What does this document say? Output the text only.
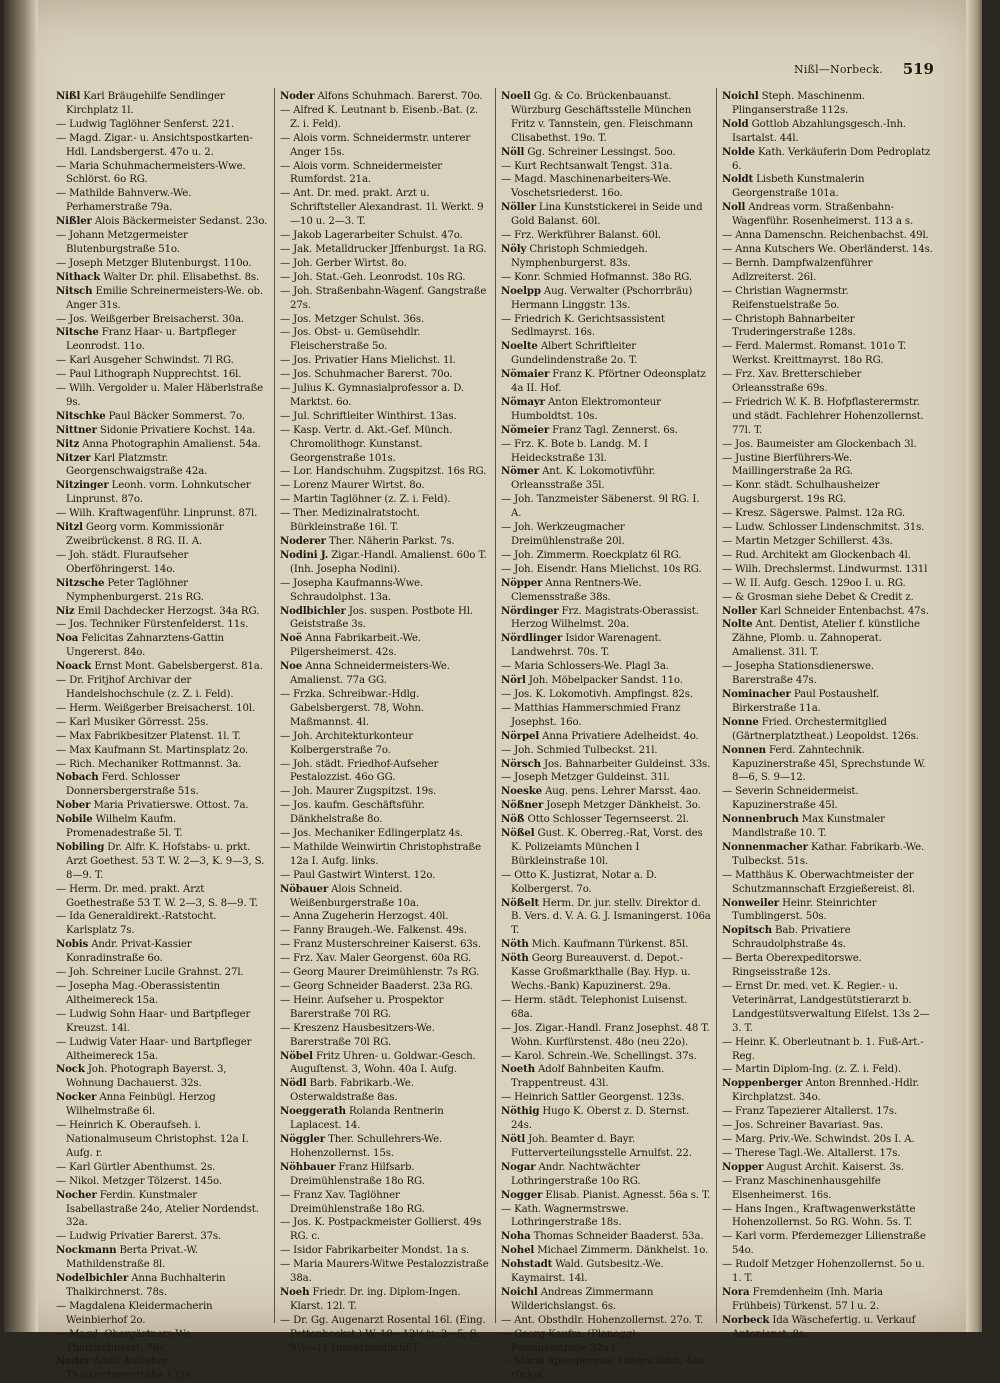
Nißl—Norbeck. 519

Nißl Karl Bräugehilfe Sendlinger Kirchplatz 1l.

— Ludwig Taglöhner Senferst. 221.

— Magd. Zigar.- u. Ansichtspostkarten-Hdl. Landsbergerst. 47o u. 2.

— Maria Schuhmachermeisters-Wwe. Schlörst. 6o RG.

— Mathilde Bahnverw.-We. Perhamerstraße 79a.

Nißler Alois Bäckermeister Sedanst. 23o.

— Johann Metzgermeister Blutenburgstraße 51o.

— Joseph Metzger Blutenburgst. 110o.

Nithack Walter Dr. phil. Elisabethst. 8s.

Nitsch Emilie Schreinermeisters-We. ob. Anger 31s.

— Jos. Weißgerber Breisacherst. 30a.

Nitsche Franz Haar- u. Bartpfleger Leonrodst. 11o.

— Karl Ausgeher Schwindst. 7l RG.

— Paul Lithograph Nupprechtst. 16l.

— Wilh. Vergolder u. Maler Häberlstraße 9s.

Nitschke Paul Bäcker Sommerst. 7o.

Nittner Sidonie Privatiere Kochst. 14a.

Nitz Anna Photographin Amalienst. 54a.

Nitzer Karl Platzmstr. Georgenschwaigstraße 42a.

Nitzinger Leonh. vorm. Lohnkutscher Linprunst. 87o.

— Wilh. Kraftwagenführ. Linprunst. 87l.

Nitzl Georg vorm. Kommissionär Zweibrückenst. 8 RG. II. A.

— Joh. städt. Fluraufseher Oberföhringerst. 14o.

Nitzsche Peter Taglöhner Nymphenburgerst. 21s RG.

Niz Emil Dachdecker Herzogst. 34a RG.

— Jos. Techniker Fürstenfelderst. 11s.

Noa Felicitas Zahnarztens-Gattin Ungererst. 84o.

Noack Ernst Mont. Gabelsbergerst. 81a.

— Dr. Fritjhof Archivar der Handelshochschule (z. Z. i. Feld).

— Herm. Weißgerber Breisacherst. 10l.

— Karl Musiker Görresst. 25s.

— Max Fabrikbesitzer Platenst. 1l. T.

— Max Kaufmann St. Martinsplatz 2o.

— Rich. Mechaniker Rottmannst. 3a.

Nobach Ferd. Schlosser Donnersbergerstraße 51s.

Nober Maria Privatierswe. Ottost. 7a.

Nobile Wilhelm Kaufm. Promenadestraße 5l. T.

Nobiling Dr. Alfr. K. Hofstabs- u. prkt. Arzt Goethest. 53 T. W. 2—3, K. 9—3, S. 8—9. T.

— Herm. Dr. med. prakt. Arzt Goethestraße 53 T. W. 2—3, S. 8—9. T.

— Ida Generaldirekt.-Ratstocht. Karlsplatz 7s.

Nobis Andr. Privat-Kassier Konradinstraße 6o.

— Joh. Schreiner Lucile Grahnst. 27l.

— Josepha Mag.-Oberassistentin Altheimereck 15a.

— Ludwig Sohn Haar- und Bartpfleger Kreuzst. 14l.

— Ludwig Vater Haar- und Bartpfleger Altheimereck 15a.

Nock Joh. Photograph Bayerst. 3, Wohnung Dachauerst. 32s.

Nocker Anna Feinbügl. Herzog Wilhelmstraße 6l.

— Heinrich K. Oberaufseh. i. Nationalmuseum Christophst. 12a I. Aufg. r.

— Karl Gürtler Abenthumst. 2s.

— Nikol. Metzger Tölzerst. 145o.

Nocher Ferdin. Kunstmaler Isabellastraße 24o, Atelier Nordendst. 32a.

— Ludwig Privatier Barerst. 37s.

Nockmann Berta Privat.-W. Mathildenstraße 8l.

Nodelbichler Anna Buchhalterin Thalkirchnerst. 78s.

— Magdalena Kleidermacherin Weinbierhof 2o.

— Magd. Obergärtners-We. Thalkirchnerst. 78s.

Noder Adolf Aufseher Thalkirchnerstraße 133s.

Noder Alfons Schuhmach. Barerst. 70o.

— Alfred K. Leutnant b. Eisenb.-Bat. (z. Z. i. Feld).

— Alois vorm. Schneidermstr. unterer Anger 15s.

— Alois vorm. Schneidermeister Rumfordst. 21a.

— Ant. Dr. med. prakt. Arzt u. Schriftsteller Alexandrast. 1l. Werkt. 9—10 u. 2—3. T.

— Jakob Lagerarbeiter Schulst. 47o.

— Jak. Metalldrucker Jffenburgst. 1a RG.

— Joh. Gerber Wirtst. 8o.

— Joh. Stat.-Geh. Leonrodst. 10s RG.

— Joh. Straßenbahn-Wagenf. Gangstraße 27s.

— Jos. Metzger Schulst. 36s.

— Jos. Obst- u. Gemüsehdlr. Fleischerstraße 5o.

— Jos. Privatier Hans Mielichst. 1l.

— Jos. Schuhmacher Barerst. 70o.

— Julius K. Gymnasialprofessor a. D. Marktst. 6o.

— Jul. Schriftleiter Winthirst. 13as.

— Kasp. Vertr. d. Akt.-Gef. Münch. Chromolithogr. Kunstanst. Georgenstraße 101s.

— Lor. Handschuhm. Zugspitzst. 16s RG.

— Lorenz Maurer Wirtst. 8o.

— Martin Taglöhner (z. Z. i. Feld).

— Ther. Medizinalratstocht. Bürkleinstraße 16l. T.

Noderer Ther. Näherin Parkst. 7s.

Nodini J. Zigar.-Handl. Amalienst. 60o T. (Inh. Josepha Nodini).

— Josepha Kaufmanns-Wwe. Schraudolphst. 13a.

Nodlbichler Jos. suspen. Postbote Hl. Geiststraße 3s.

Noë Anna Fabrikarbeit.-We. Pilgersheimerst. 42s.

Noe Anna Schneidermeisters-We. Amalienst. 77a GG.

— Frzka. Schreibwar.-Hdlg. Gabelsbergerst. 78, Wohn. Maßmannst. 4l.

— Joh. Architekturkonteur Kolbergerstraße 7o.

— Joh. städt. Friedhof-Aufseher Pestalozzist. 46o GG.

— Joh. Maurer Zugspitzst. 19s.

— Jos. kaufm. Geschäftsführ. Dänkhelstraße 8o.

— Jos. Mechaniker Edlingerplatz 4s.

— Mathilde Weinwirtin Christophstraße 12a I. Aufg. links.

— Paul Gastwirt Winterst. 12o.

Nöbauer Alois Schneid. Weißenburgerstraße 10a.

— Anna Zugeherin Herzogst. 40l.

— Fanny Braugeh.-We. Falkenst. 49s.

— Franz Musterschreiner Kaiserst. 63s.

— Frz. Xav. Maler Georgenst. 60a RG.

— Georg Maurer Dreimühlenstr. 7s RG.

— Georg Schneider Baaderst. 23a RG.

— Heinr. Aufseher u. Prospektor Barerstraße 70l RG.

— Kreszenz Hausbesitzers-We. Barerstraße 70l RG.

Nöbel Fritz Uhren- u. Goldwar.-Gesch. Auguſtenst. 3, Wohn. 40a I. Aufg.

Nödl Barb. Fabrikarb.-We. Osterwaldstraße 8as.

Noeggerath Rolanda Rentnerin Laplacest. 14.

Nöggler Ther. Schullehrers-We. Hohenzollernst. 15s.

Nöhbauer Franz Hilfsarb. Dreimühlenstraße 18o RG.

— Franz Xav. Taglöhner Dreimühlenstraße 18o RG.

— Jos. K. Postpackmeister Gollierst. 49s RG. c.

— Isidor Fabrikarbeiter Mondst. 1a s.

— Maria Maurers-Witwe Pestalozzistraße 38a.

Noeh Friedr. Dr. ing. Diplom-Ingen. Klarst. 12l. T.

— Dr. Gg. Augenarzt Rosental 16l. (Eing. Pettenbeckst.) W. 10—12½/u. 2—5, S. 9½—11 (unverbindlich) T.

Noell Gg. & Co. Brückenbauanst. Würzburg Geschäftsstelle München Fritz v. Tannstein, gen. Fleischmann Clisabethst. 19o. T.

Nöll Gg. Schreiner Lessingst. 5oo.

— Kurt Rechtsanwalt Tengst. 31a.

— Magd. Maschinenarbeiters-We. Voschetsriederst. 16o.

Nöller Lina Kunststickerei in Seide und Gold Balanst. 60l.

— Frz. Werkführer Balanst. 60l.

Nöly Christoph Schmiedgeh. Nymphenburgerst. 83s.

— Konr. Schmied Hofmannst. 38o RG.

Noelpp Aug. Verwalter (Pschorrbräu) Hermann Linggstr. 13s.

— Friedrich K. Gerichtsassistent Sedlmayrst. 16s.

Noelte Albert Schriftleiter Gundelindenstraße 2o. T.

Nömaier Franz K. Pförtner Odeonsplatz 4a II. Hof.

Nömayr Anton Elektromonteur Humboldtst. 10s.

Nömeier Franz Tagl. Zennerst. 6s.

— Frz. K. Bote b. Landg. M. I Heideckstraße 13l.

Nömer Ant. K. Lokomotivführ. Orleansstraße 35l.

— Joh. Tanzmeister Säbenerst. 9l RG. I. A.

— Joh. Werkzeugmacher Dreimühlenstraße 20l.

— Joh. Zimmerm. Roeckplatz 6l RG.

— Joh. Eisendr. Hans Mielichst. 10s RG.

Nöpper Anna Rentners-We. Clemensstraße 38s.

Nördinger Frz. Magistrats-Oberassist. Herzog Wilhelmst. 20a.

Nördlinger Isidor Warenagent. Landwehrst. 70s. T.

— Maria Schlossers-We. Plagl 3a.

Nörl Joh. Möbelpacker Sandst. 11o.

— Jos. K. Lokomotivh. Ampfingst. 82s.

— Matthias Hammerschmied Franz Josephst. 16o.

Nörpel Anna Privatiere Adelheidst. 4o.

— Joh. Schmied Tulbeckst. 21l.

Nörsch Jos. Bahnarbeiter Guldeinst. 33s.

— Joseph Metzger Guldeinst. 31l.

Noeske Aug. pens. Lehrer Marsst. 4ao.

Nößner Joseph Metzger Dänkhelst. 3o.

Nöß Otto Schlosser Tegernseerst. 2l.

Nößel Gust. K. Oberreg.-Rat, Vorst. des K. Polizeiamts München I Bürkleinstraße 10l.

— Otto K. Justizrat, Notar a. D. Kolbergerst. 7o.

Nößelt Herm. Dr. jur. stellv. Direktor d. B. Vers. d. V. A. G. J. Ismaningerst. 106a T.

Nöth Mich. Kaufmann Türkenst. 85l.

Nöth Georg Bureauverst. d. Depot.-Kasse Großmarkthalle (Bay. Hyp. u. Wechs.-Bank) Kapuzinerst. 29a.

— Herm. städt. Telephonist Luisenst. 68a.

— Jos. Zigar.-Handl. Franz Josephst. 48 T. Wohn. Kurfürstenst. 48o (neu 22o).

— Karol. Schrein.-We. Schellingst. 37s.

Noeth Adolf Bahnbeiten Kaufm. Trappentreust. 43l.

— Heinrich Sattler Georgenst. 123s.

Nöthig Hugo K. Oberst z. D. Sternst. 24s.

Nötl Joh. Beamter d. Bayr. Futterverteilungsstelle Arnulfst. 22.

Nogar Andr. Nachtwächter Lothringerstraße 10o RG.

Nogger Elisab. Pianist. Agnesst. 56a s. T.

— Kath. Wagnermstrswe. Lothringerstraße 18s.

Noha Thomas Schneider Baaderst. 53a.

Nohel Michael Zimmerm. Dänkhelst. 1o.

Nohstadt Wald. Gutsbesitz.-We. Kaymairst. 14l.

Noichl Andreas Zimmermann Wilderichslangst. 6s.

— Ant. Obsthdlr. Hohenzollernst. 27o. T.

— Georg Kaufm. (Planegg) Pasingerstraße 32a l.

— Maria Spenglerswe. Osterwaldst. 4ao rückw.

Noichl Steph. Maschinenm. Plinganserstraße 112s.

Nold Gottlob Abzahlungsgesch.-Inh. Isartalst. 44l.

Nolde Kath. Verkäuferin Dom Pedroplatz 6.

Noldt Lisbeth Kunstmalerin Georgenstraße 101a.

Noll Andreas vorm. Straßenbahn-Wagenführ. Rosenheimerst. 113 a s.

— Anna Damenschn. Reichenbachst. 49l.

— Anna Kutschers We. Oberländerst. 14s.

— Bernh. Dampfwalzenführer Adlzreiterst. 26l.

— Christian Wagnermstr. Reifenstuelstraße 5o.

— Christoph Bahnarbeiter Truderingerstraße 128s.

— Ferd. Malermst. Romanst. 101o T. Werkst. Kreittmayrst. 18o RG.

— Frz. Xav. Bretterschieber Orleansstraße 69s.

— Friedrich W. K. B. Hofpflasterermstr. und städt. Fachlehrer Hohenzollernst. 77l. T.

— Jos. Baumeister am Glockenbach 3l.

— Justine Bierführers-We. Maillingerstraße 2a RG.

— Konr. städt. Schulhausheizer Augsburgerst. 19s RG.

— Kresz. Sägerswe. Palmst. 12a RG.

— Ludw. Schlosser Lindenschmitst. 31s.

— Martin Metzger Schillerst. 43s.

— Rud. Architekt am Glockenbach 4l.

— Wilh. Drechslermst. Lindwurmst. 131l

— W. II. Aufg. Gesch. 129oo I. u. RG.

— & Grosman siehe Debet & Credit z.

Noller Karl Schneider Entenbachst. 47s.

Nolte Ant. Dentist, Atelier f. künstliche Zähne, Plomb. u. Zahnoperat. Amalienst. 31l. T.

— Josepha Stationsdienerswe. Barerstraße 47s.

Nominacher Paul Postaushelf. Birkerstraße 11a.

Nonne Fried. Orchestermitglied (Gärtnerplatztheat.) Leopoldst. 126s.

Nonnen Ferd. Zahntechnik. Kapuzinerstraße 45l, Sprechstunde W. 8—6, S. 9—12.

— Severin Schneidermeist. Kapuzinerstraße 45l.

Nonnenbruch Max Kunstmaler Mandlstraße 10. T.

Nonnenmacher Kathar. Fabrikarb.-We. Tulbeckst. 51s.

— Matthäus K. Oberwachtmeister der Schutzmannschaft Erzgießereist. 8l.

Nonweiler Heinr. Steinrichter Tumblingerst. 50s.

Nopitsch Bab. Privatiere Schraudolphstraße 4s.

— Berta Oberexpeditorswe. Ringseisstraße 12s.

— Ernst Dr. med. vet. K. Regier.- u. Veterinärrat, Landgestütstierarzt b. Landgestütsverwaltung Eiſelst. 13s 2—3. T.

— Heinr. K. Oberleutnant b. 1. Fuß-Art.-Reg.

— Martin Diplom-Ing. (z. Z. i. Feld).

Noppenberger Anton Brennhed.-Hdlr. Kirchplatzst. 34o.

— Franz Tapezierer Altallerst. 17s.

— Jos. Schreiner Bavariast. 9as.

— Marg. Priv.-We. Schwindst. 20s I. A.

— Therese Tagl.-We. Altallerst. 17s.

Nopper August Archit. Kaiserst. 3s.

— Franz Maschinenhausgehilfe Elsenheimerst. 16s.

— Hans Ingen., Kraftwagenwerkstätte Hohenzollernst. 5o RG. Wohn. 5s. T.

— Karl vorm. Pferdemezger Lilienstraße 54o.

— Rudolf Metzger Hohenzollernst. 5o u. 1. T.

Nora Fremdenheim (Inh. Maria Frühbeis) Türkenst. 57 l u. 2.

Norbeck Ida Wäschefertig. u. Verkauf Antonienst. 8s.
